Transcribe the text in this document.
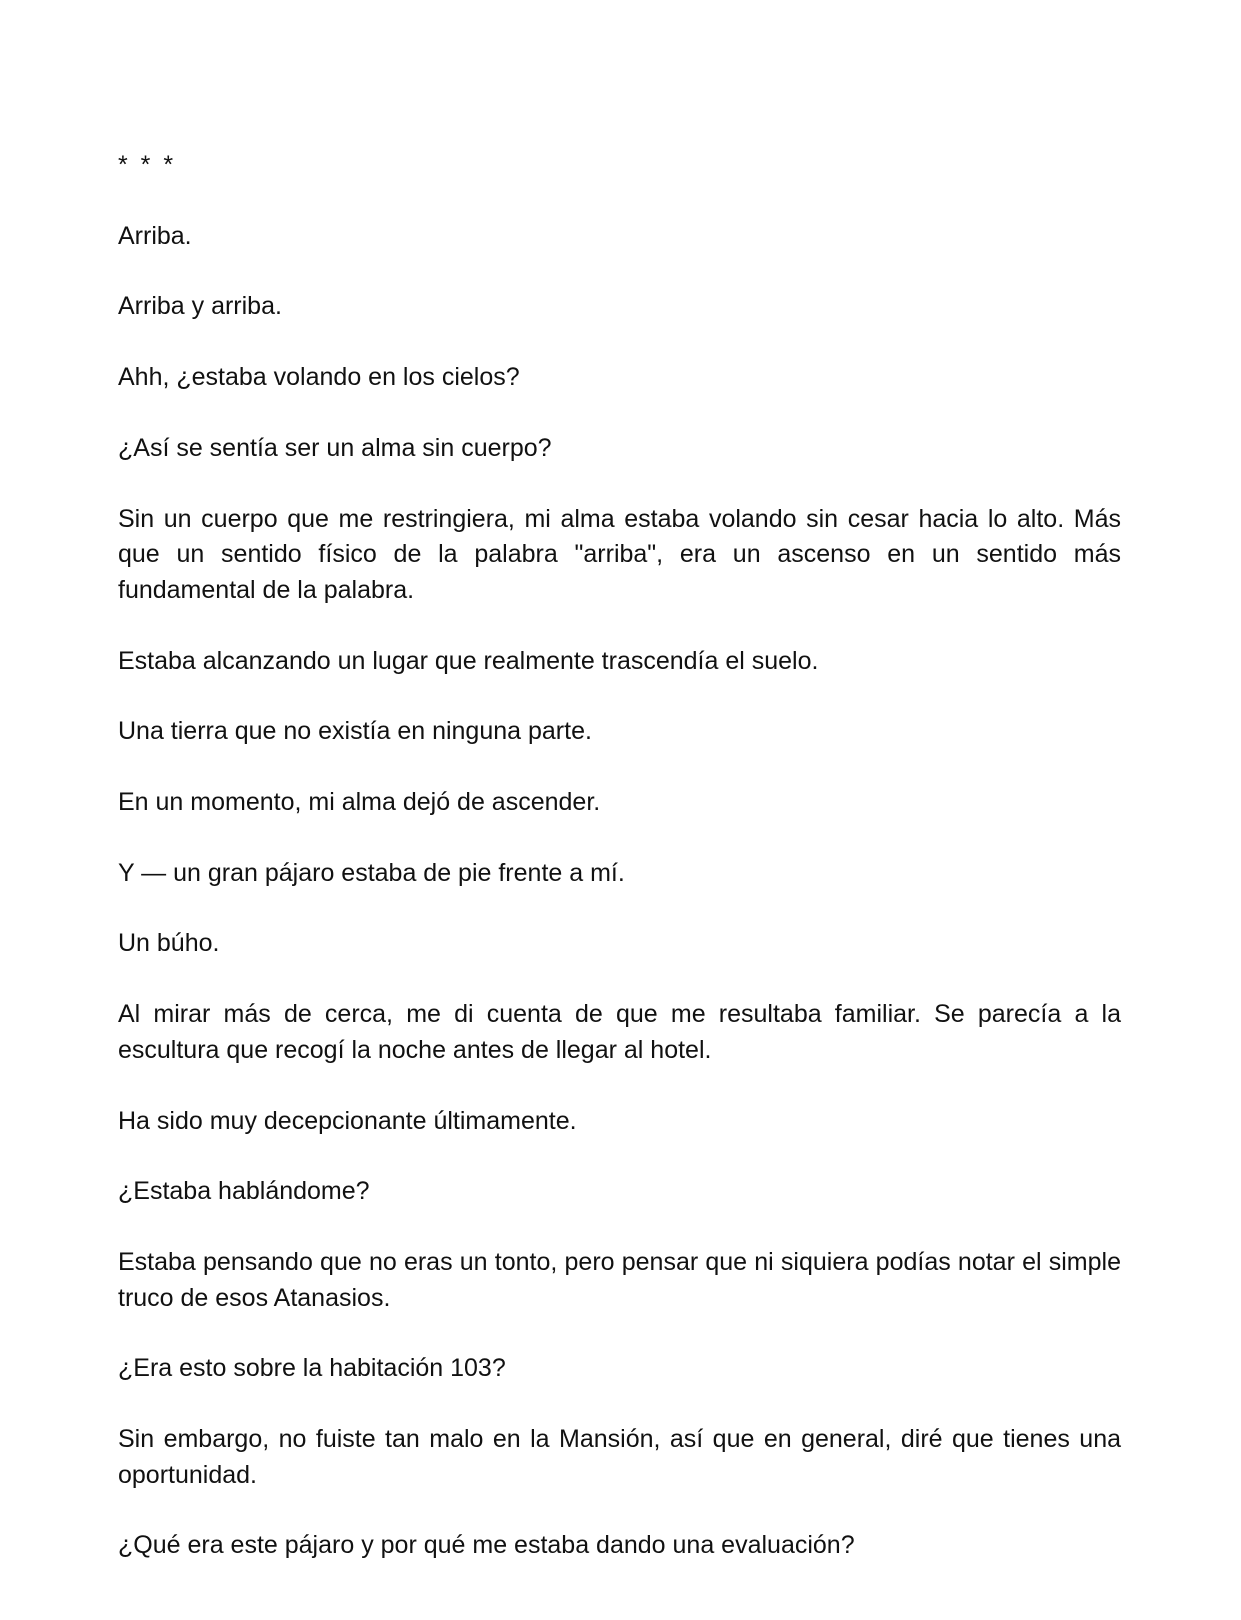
* * *

Arriba.

Arriba y arriba.

Ahh, ¿estaba volando en los cielos?

¿Así se sentía ser un alma sin cuerpo?

Sin un cuerpo que me restringiera, mi alma estaba volando sin cesar hacia lo alto. Más que un sentido físico de la palabra "arriba", era un ascenso en un sentido más fundamental de la palabra.

Estaba alcanzando un lugar que realmente trascendía el suelo.

Una tierra que no existía en ninguna parte.

En un momento, mi alma dejó de ascender.

Y — un gran pájaro estaba de pie frente a mí.

Un búho.

Al mirar más de cerca, me di cuenta de que me resultaba familiar. Se parecía a la escultura que recogí la noche antes de llegar al hotel.

Ha sido muy decepcionante últimamente.

¿Estaba hablándome?

Estaba pensando que no eras un tonto, pero pensar que ni siquiera podías notar el simple truco de esos Atanasios.

¿Era esto sobre la habitación 103?

Sin embargo, no fuiste tan malo en la Mansión, así que en general, diré que tienes una oportunidad.

¿Qué era este pájaro y por qué me estaba dando una evaluación?
